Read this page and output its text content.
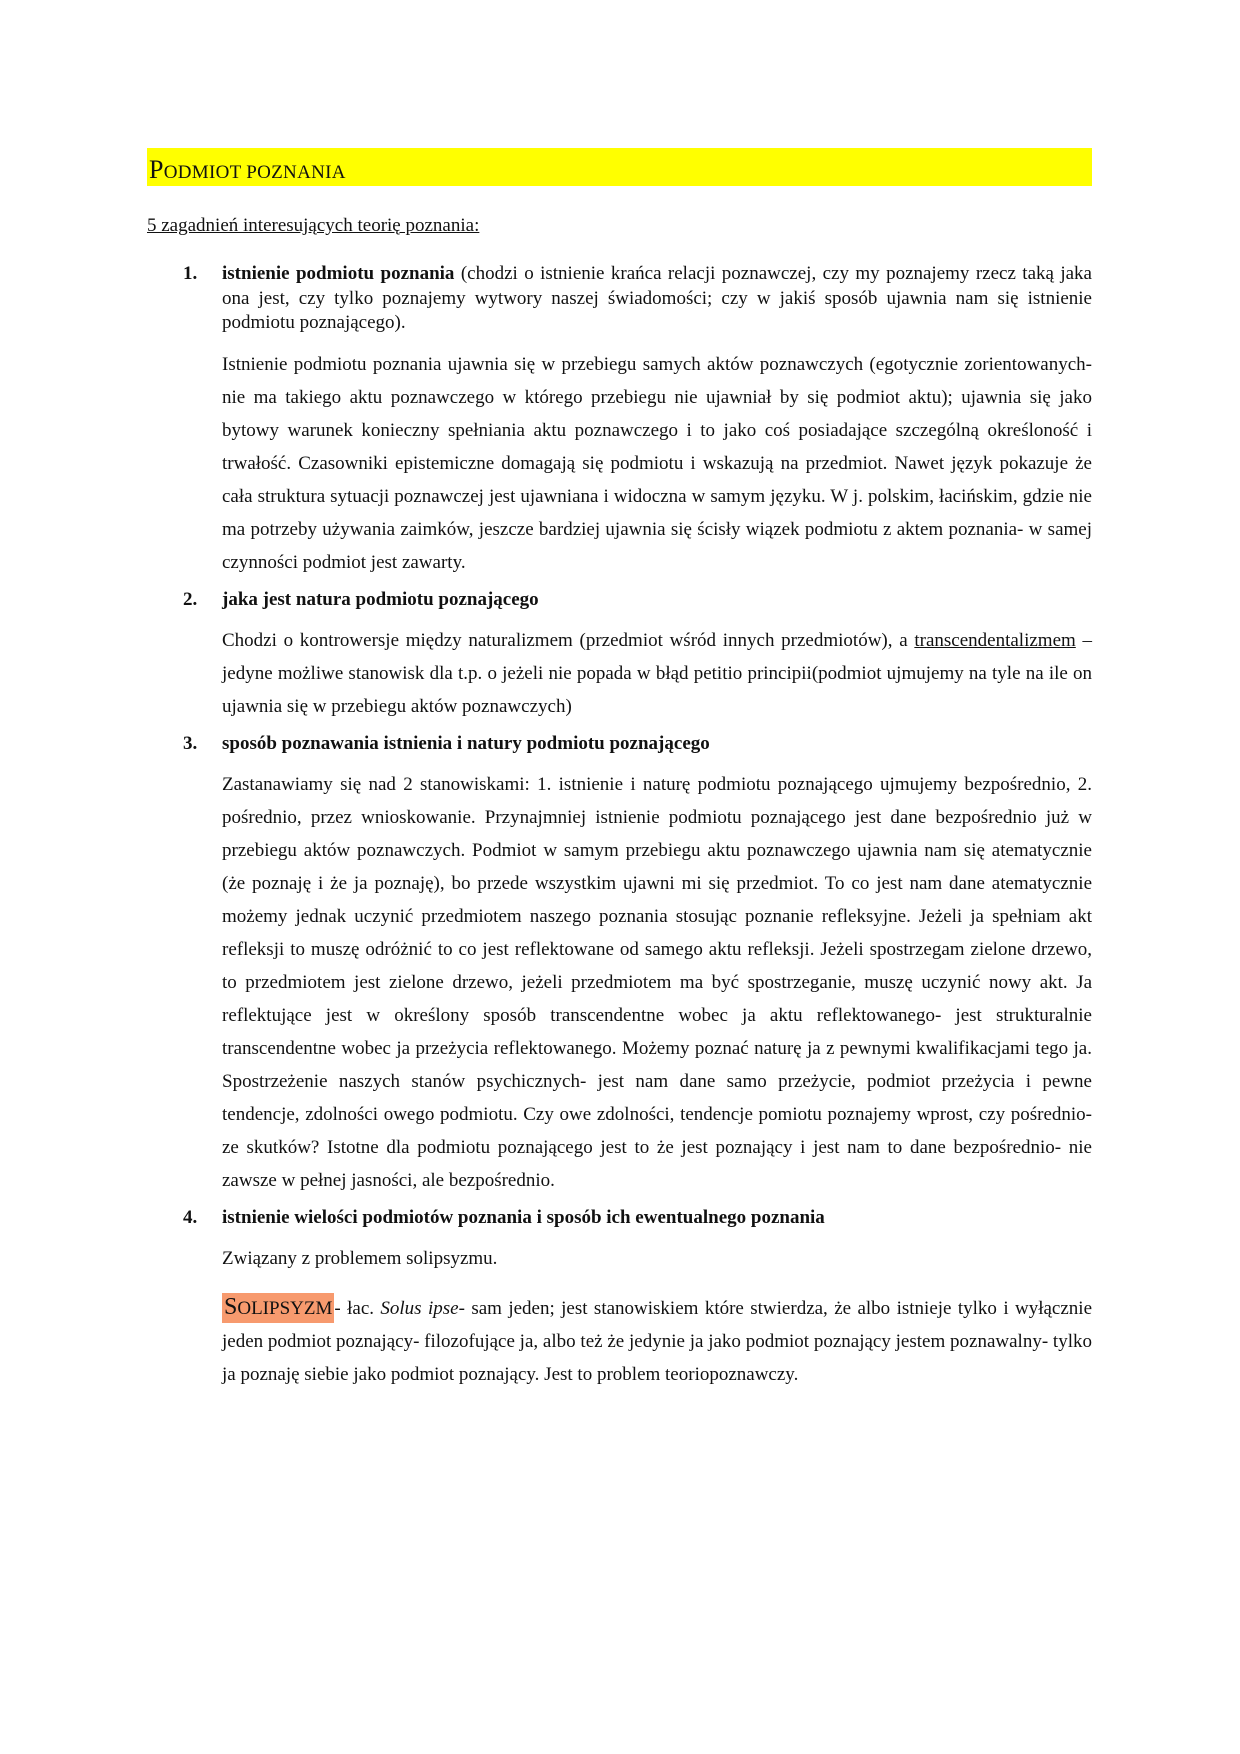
PODMIOT POZNANIA
5 zagadnień interesujących teorię poznania:
1. istnienie podmiotu poznania (chodzi o istnienie krańca relacji poznawczej, czy my poznajemy rzecz taką jaka ona jest, czy tylko poznajemy wytwory naszej świadomości; czy w jakiś sposób ujawnia nam się istnienie podmiotu poznającego).

Istnienie podmiotu poznania ujawnia się w przebiegu samych aktów poznawczych (egotycznie zorientowanych- nie ma takiego aktu poznawczego w którego przebiegu nie ujawniał by się podmiot aktu); ujawnia się jako bytowy warunek konieczny spełniania aktu poznawczego i to jako coś posiadające szczególną określoność i trwałość. Czasowniki epistemiczne domagają się podmiotu i wskazują na przedmiot. Nawet język pokazuje że cała struktura sytuacji poznawczej jest ujawniana i widoczna w samym języku. W j. polskim, łacińskim, gdzie nie ma potrzeby używania zaimków, jeszcze bardziej ujawnia się ścisły wiązek podmiotu z aktem poznania- w samej czynności podmiot jest zawarty.

2. jaka jest natura podmiotu poznającego

Chodzi o kontrowersje między naturalizmem (przedmiot wśród innych przedmiotów), a transcendentalizmem –jedyne możliwe stanowisk dla t.p. o jeżeli nie popada w błąd petitio principii(podmiot ujmujemy na tyle na ile on ujawnia się w przebiegu aktów poznawczych)

3. sposób poznawania istnienia i natury podmiotu poznającego

Zastanawiamy się nad 2 stanowiskami: 1. istnienie i naturę podmiotu poznającego ujmujemy bezpośrednio, 2. pośrednio, przez wnioskowanie. Przynajmniej istnienie podmiotu poznającego jest dane bezpośrednio już w przebiegu aktów poznawczych. Podmiot w samym przebiegu aktu poznawczego ujawnia nam się atematycznie (że poznaję i że ja poznaję), bo przede wszystkim ujawni mi się przedmiot. To co jest nam dane atematycznie możemy jednak uczynić przedmiotem naszego poznania stosując poznanie refleksyjne. Jeżeli ja spełniam akt refleksji to muszę odróżnić to co jest reflektowane od samego aktu refleksji. Jeżeli spostrzegam zielone drzewo, to przedmiotem jest zielone drzewo, jeżeli przedmiotem ma być spostrzeganie, muszę uczynić nowy akt. Ja reflektujące jest w określony sposób transcendentne wobec ja aktu reflektowanego- jest strukturalnie transcendentne wobec ja przeżycia reflektowanego. Możemy poznać naturę ja z pewnymi kwalifikacjami tego ja. Spostrzeżenie naszych stanów psychicznych- jest nam dane samo przeżycie, podmiot przeżycia i pewne tendencje, zdolności owego podmiotu. Czy owe zdolności, tendencje pomiotu poznajemy wprost, czy pośrednio- ze skutków? Istotne dla podmiotu poznającego jest to że jest poznający i jest nam to dane bezpośrednio- nie zawsze w pełnej jasności, ale bezpośrednio.

4. istnienie wielości podmiotów poznania i sposób ich ewentualnego poznania

Związany z problemem solipsyzmu.

SOLIPSYZM - łac. Solus ipse- sam jeden; jest stanowiskiem które stwierdza, że albo istnieje tylko i wyłącznie jeden podmiot poznający- filozofujące ja, albo też że jedynie ja jako podmiot poznający jestem poznawalny- tylko ja poznaję siebie jako podmiot poznający. Jest to problem teoriopoznawczy.
